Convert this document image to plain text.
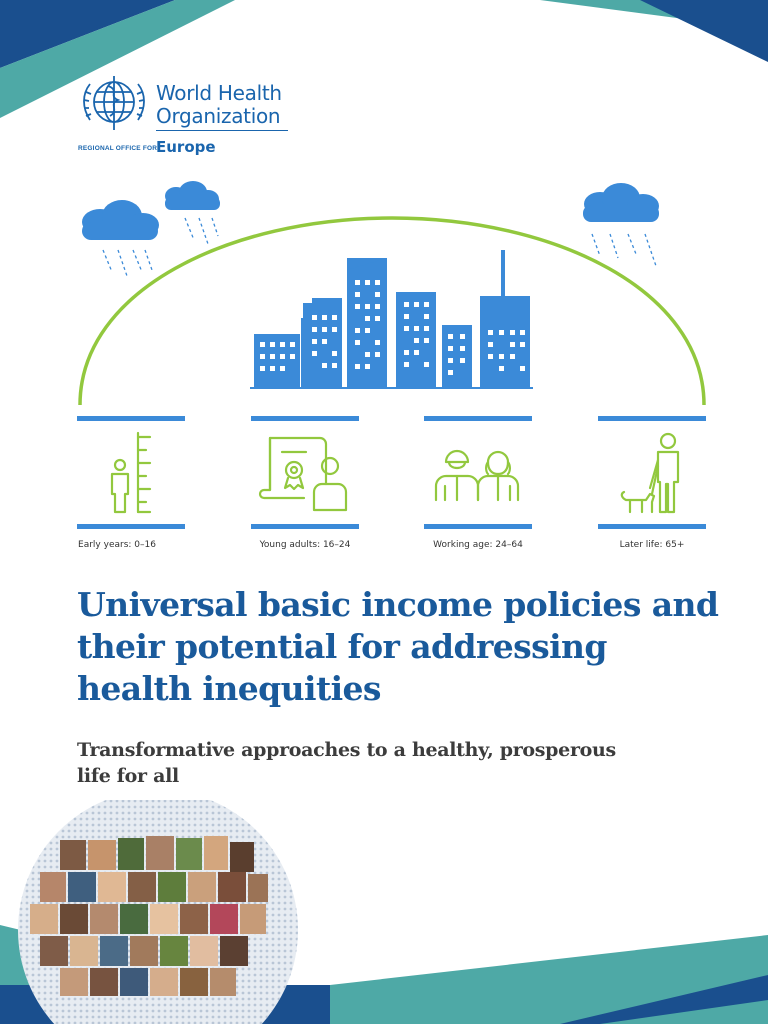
World Health
Organization
REGIONAL OFFICE FOR
Europe
Early years: 0–16	Young adults: 16–24	Working age: 24–64	Later life: 65+
Universal basic income policies and their potential for addressing health inequities
Transformative approaches to a healthy, prosperous life for all
